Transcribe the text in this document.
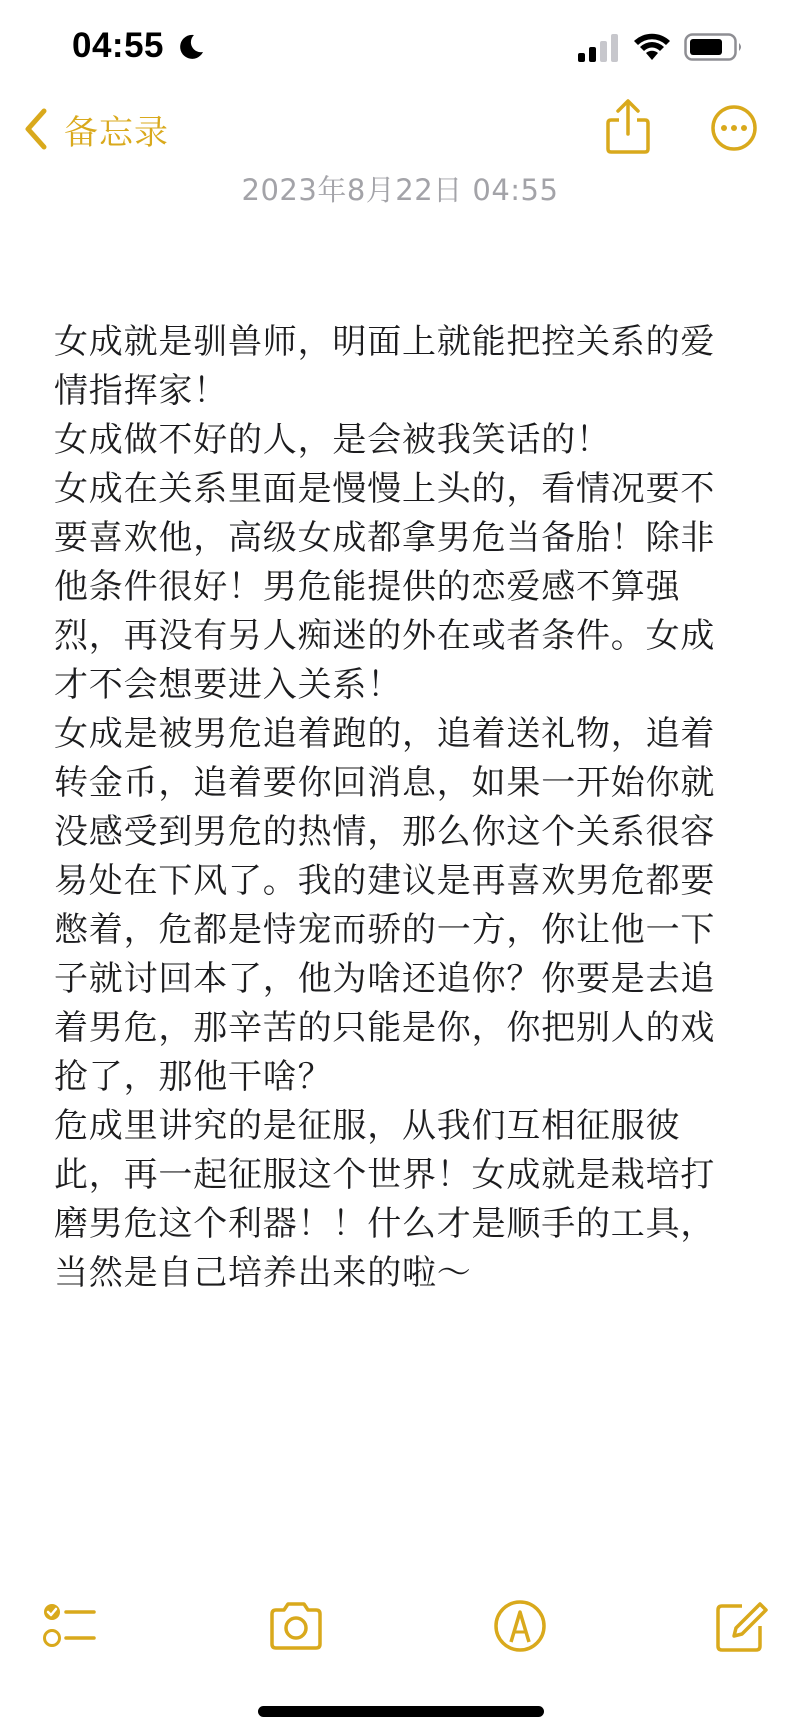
04:55
备忘录
2023年8月22日 04:55
女成就是驯兽师，明面上就能把控关系的爱
情指挥家！
女成做不好的人，是会被我笑话的！
女成在关系里面是慢慢上头的，看情况要不
要喜欢他，高级女成都拿男危当备胎！除非
他条件很好！男危能提供的恋爱感不算强
烈，再没有另人痴迷的外在或者条件。女成
才不会想要进入关系！
女成是被男危追着跑的，追着送礼物，追着
转金币，追着要你回消息，如果一开始你就
没感受到男危的热情，那么你这个关系很容
易处在下风了。我的建议是再喜欢男危都要
憋着，危都是恃宠而骄的一方，你让他一下
子就讨回本了，他为啥还追你？你要是去追
着男危，那辛苦的只能是你，你把别人的戏
抢了，那他干啥？
危成里讲究的是征服，从我们互相征服彼
此，再一起征服这个世界！女成就是栽培打
磨男危这个利器！！什么才是顺手的工具，
当然是自己培养出来的啦～
